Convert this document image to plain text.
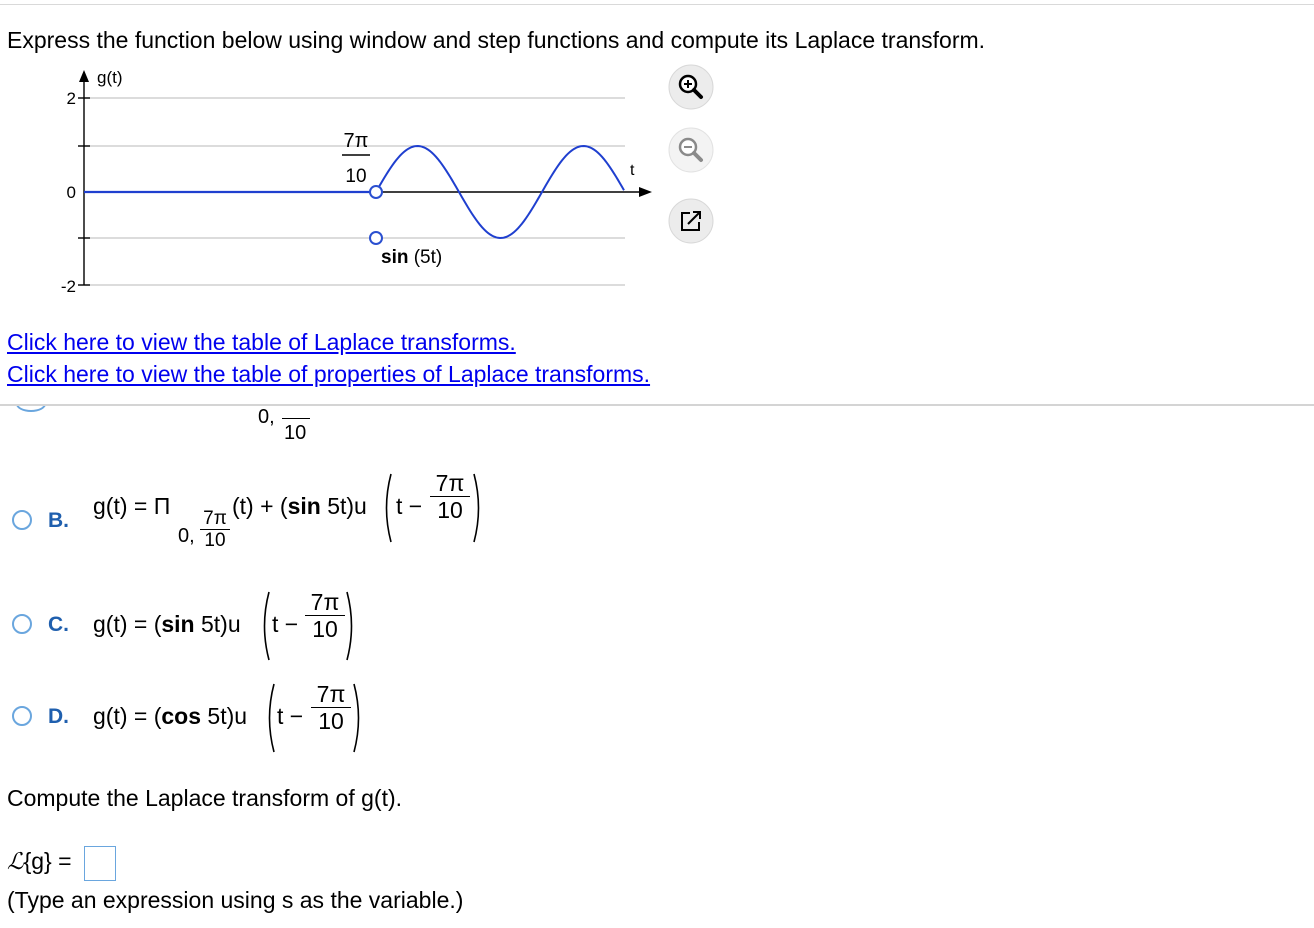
Express the function below using window and step functions and compute its Laplace transform.
2
0
-2
g(t)
t
7π
10
sin (5t)
Click here to view the table of Laplace transforms.
Click here to view the table of properties of Laplace transforms.
0,
10
B.
g(t) = Π
$\frac{7\pi}{10}$
0,
(t) + (sin 5t)u $t - \frac{7\pi}{10}$
C. g(t) = (sin 5t)u $t - \frac{7\pi}{10}$
D. g(t) = (cos 5t)u $t - \frac{7\pi}{10}$
Compute the Laplace transform of g(t).
ℒ{g} =
(Type an expression using s as the variable.)
